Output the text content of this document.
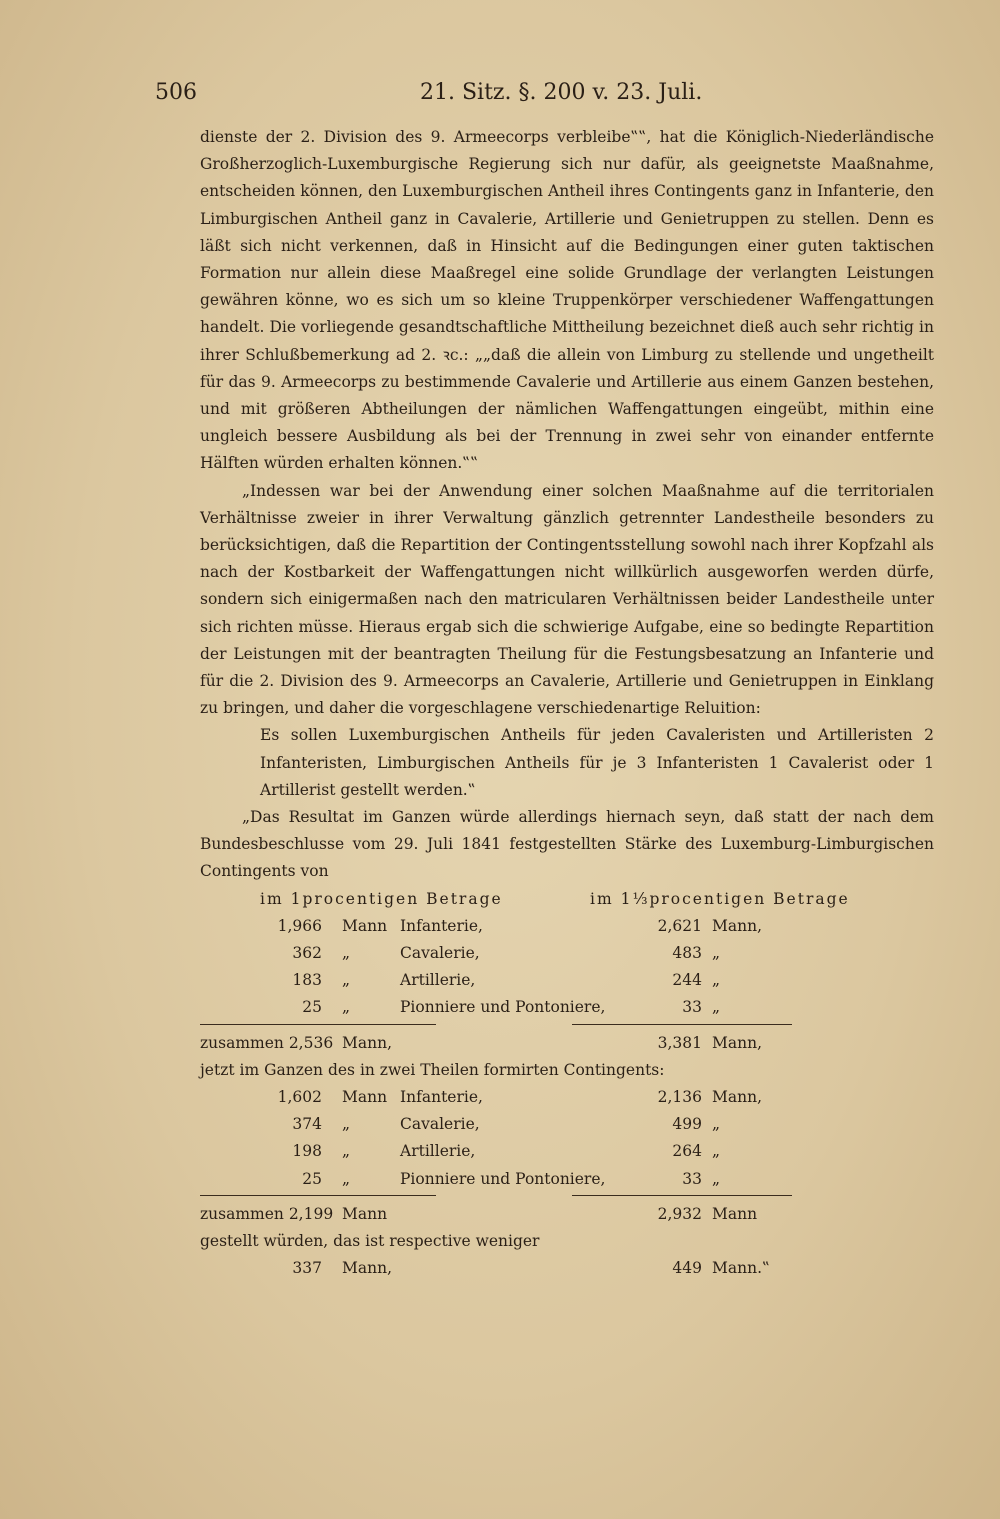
506	21. Sitz. §. 200 v. 23. Juli.

dienste der 2. Division des 9. Armeecorps verbleibe‟‟, hat die Königlich-Niederländische Großherzoglich-Luxemburgische Regierung sich nur dafür, als geeignetste Maaßnahme, entscheiden können, den Luxemburgischen Antheil ihres Contingents ganz in Infanterie, den Limburgischen Antheil ganz in Cavalerie, Artillerie und Genietruppen zu stellen. Denn es läßt sich nicht verkennen, daß in Hinsicht auf die Bedingungen einer guten taktischen Formation nur allein diese Maaßregel eine solide Grundlage der verlangten Leistungen gewähren könne, wo es sich um so kleine Truppenkörper verschiedener Waffengattungen handelt. Die vorliegende gesandtschaftliche Mittheilung bezeichnet dieß auch sehr richtig in ihrer Schlußbemerkung ad 2. ꝛc.: „„daß die allein von Limburg zu stellende und ungetheilt für das 9. Armeecorps zu bestimmende Cavalerie und Artillerie aus einem Ganzen bestehen, und mit größeren Abtheilungen der nämlichen Waffengattungen eingeübt, mithin eine ungleich bessere Ausbildung als bei der Trennung in zwei sehr von einander entfernte Hälften würden erhalten können.‟‟

„Indessen war bei der Anwendung einer solchen Maaßnahme auf die territorialen Verhältnisse zweier in ihrer Verwaltung gänzlich getrennter Landestheile besonders zu berücksichtigen, daß die Repartition der Contingentsstellung sowohl nach ihrer Kopfzahl als nach der Kostbarkeit der Waffengattungen nicht willkürlich ausgeworfen werden dürfe, sondern sich einigermaßen nach den matricularen Verhältnissen beider Landestheile unter sich richten müsse. Hieraus ergab sich die schwierige Aufgabe, eine so bedingte Repartition der Leistungen mit der beantragten Theilung für die Festungsbesatzung an Infanterie und für die 2. Division des 9. Armeecorps an Cavalerie, Artillerie und Genietruppen in Einklang zu bringen, und daher die vorgeschlagene verschiedenartige Reluition:

Es sollen Luxemburgischen Antheils für jeden Cavaleristen und Artilleristen 2 Infanteristen, Limburgischen Antheils für je 3 Infanteristen 1 Cavalerist oder 1 Artillerist gestellt werden.‟

„Das Resultat im Ganzen würde allerdings hiernach seyn, daß statt der nach dem Bundesbeschlusse vom 29. Juli 1841 festgestellten Stärke des Luxemburg-Limburgischen Contingents von

im 1procentigen Betrage	im 1⅓procentigen Betrage
1,966 Mann Infanterie,	2,621 Mann,
362 „	Cavalerie,	483 „
183 „	Artillerie,	244 „
25 „	Pionniere und Pontoniere,	33 „
zusammen 2,536 Mann,	3,381 Mann,
jetzt im Ganzen des in zwei Theilen formirten Contingents:
1,602 Mann Infanterie,	2,136 Mann,
374 „	Cavalerie,	499 „
198 „	Artillerie,	264 „
25 „	Pionniere und Pontoniere,	33 „
zusammen 2,199 Mann	2,932 Mann
gestellt würden, das ist respective weniger
337 Mann,	449 Mann.‟
